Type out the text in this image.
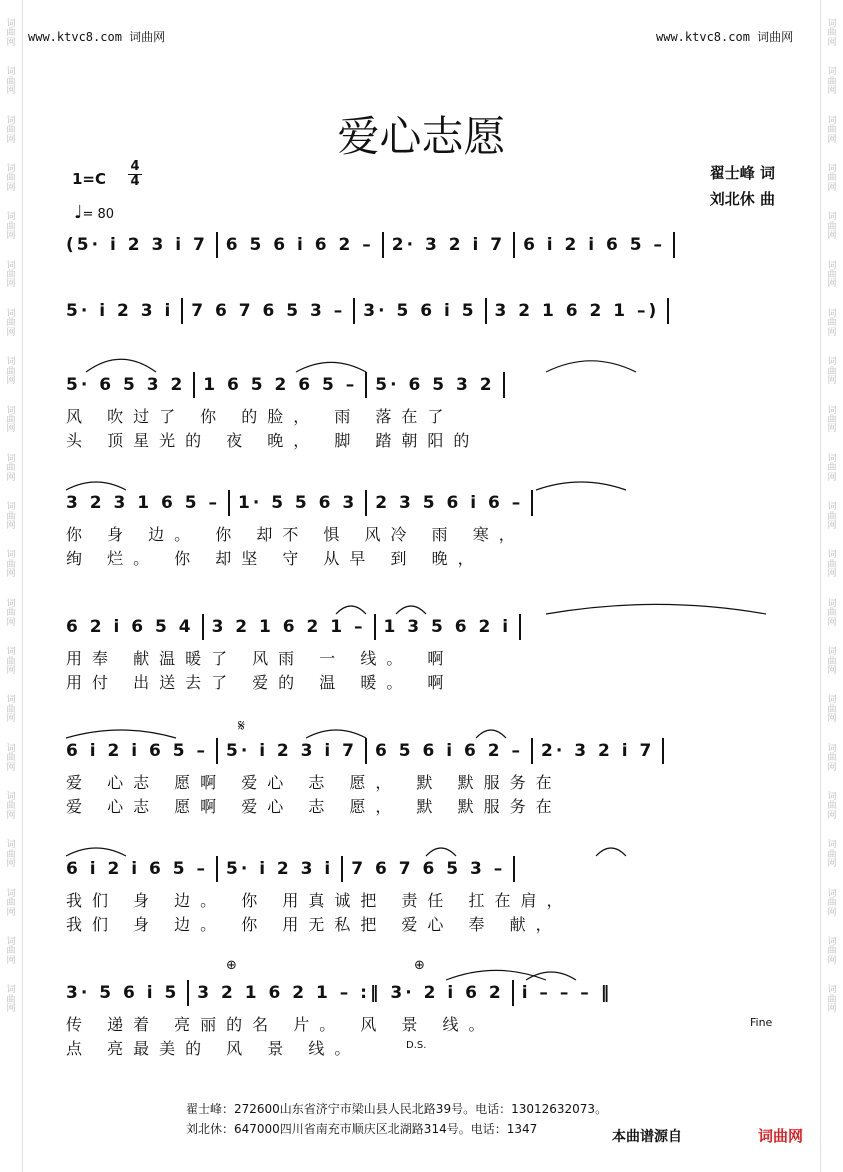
词
曲
网
词
曲
网
词
曲
网
词
曲
网
词
曲
网
词
曲
网
词
曲
网
词
曲
网
词
曲
网
词
曲
网
词
曲
网
词
曲
网
词
曲
网
词
曲
网
词
曲
网
词
曲
网
词
曲
网
词
曲
网
词
曲
网
词
曲
网
词
曲
网
词
曲
网
词
曲
网
词
曲
网
词
曲
网
词
曲
网
词
曲
网
词
曲
网
词
曲
网
词
曲
网
词
曲
网
词
曲
网
词
曲
网
词
曲
网
词
曲
网
词
曲
网
词
曲
网
词
曲
网
词
曲
网
词
曲
网
词
曲
网
词
曲
网
www.ktvc8.com 词曲网	www.ktvc8.com 词曲网
爱心志愿
1=C
4
4
♩= 80
翟士峰 词
刘北休 曲
(5· i 2 3 i 7 6 5 6 i 6 2 – 2· 3 2 i 7 6 i 2 i 6 5 –
5· i 2 3 i 7 6 7 6 5 3 – 3· 5 6 i 5 3 2 1 6 2 1 –)
5· 6 5 3 2 1 6 5 2 6 5 – 5· 6 5 3 2
风 吹过了 你 的脸， 雨 落在了
头 顶星光的 夜 晚， 脚 踏朝阳的
3 2 3 1 6 5 – 1· 5 5 6 3 2 3 5 6 i 6 –
你 身 边。 你 却不 惧 风冷 雨 寒，
绚 烂。 你 却坚 守 从早 到 晚，
6 2 i 6 5 4 3 2 1 6 2 1 – 1 3 5 6 2 i
用奉 献温暖了 风雨 一 线。 啊
用付 出送去了 爱的 温 暖。 啊
6 i 2 i 6 5 – 5· i 2 3 i 7 6 5 6 i 6 2 – 2· 3 2 i 7
爱 心志 愿啊 爱心 志 愿， 默 默服务在
爱 心志 愿啊 爱心 志 愿， 默 默服务在
6 i 2 i 6 5 – 5· i 2 3 i 7 6 7 6 5 3 –
我们 身 边。 你 用真诚把 责任 扛在肩，
我们 身 边。 你 用无私把 爱心 奉 献，
3· 5 6 i 5 3 2 1 6 2 1 – :‖ 3· 2 i 6 2 i – – – ‖
传 递着 亮丽的名 片。 风 景 线。
点 亮最美的 风 景 线。
𝄋
⊕	⊕
Fine
D.S.
翟士峰：272600山东省济宁市梁山县人民北路39号。电话：13012632073。
刘北休：647000四川省南充市顺庆区北湖路314号。电话：1347	本曲谱源自	词曲网
